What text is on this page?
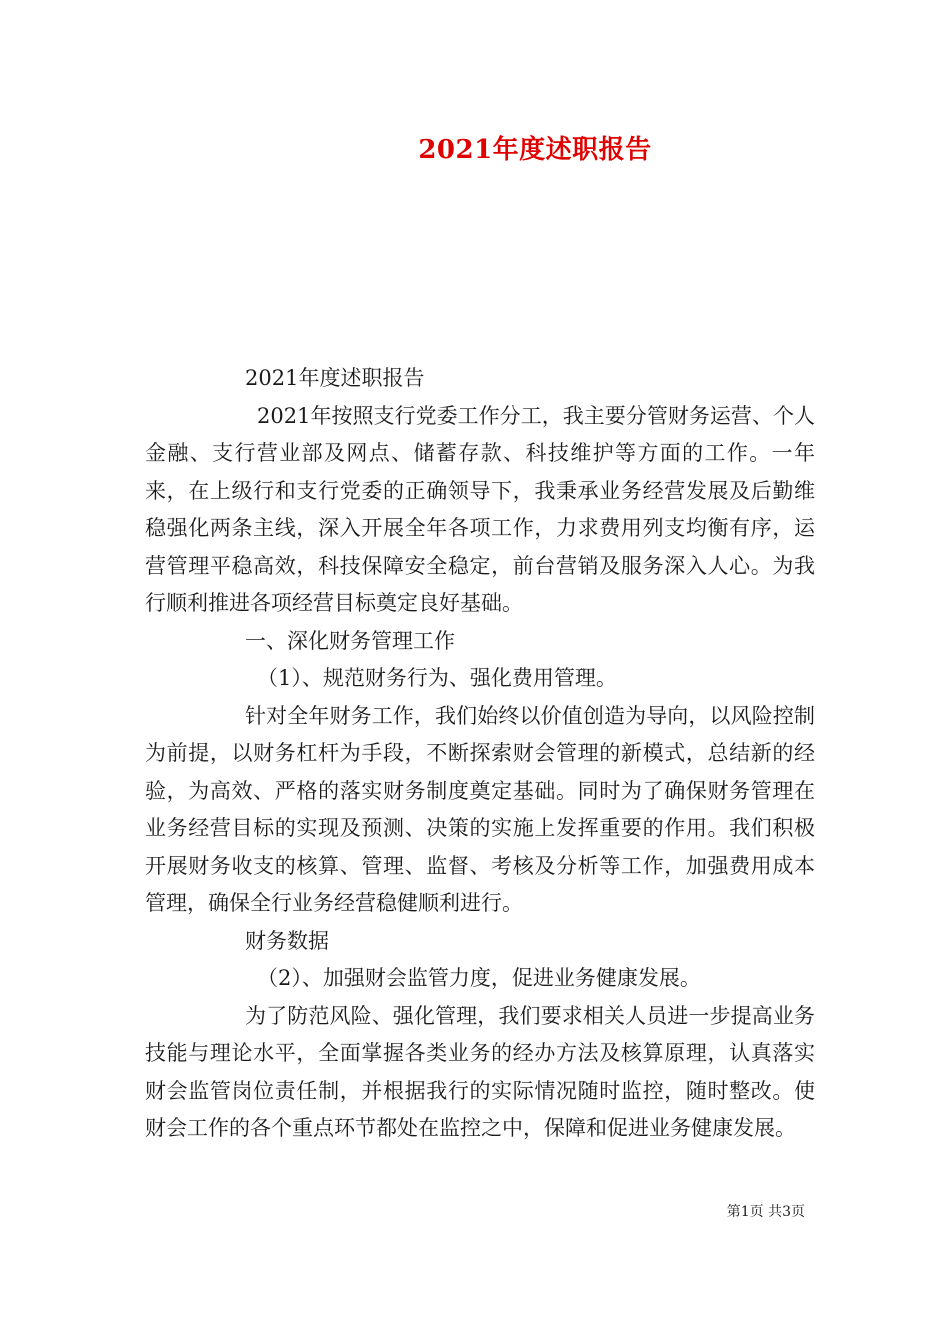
2021年度述职报告

2021年度述职报告

2021年按照支行党委工作分工，我主要分管财务运营、个人金融、支行营业部及网点、储蓄存款、科技维护等方面的工作。一年来，在上级行和支行党委的正确领导下，我秉承业务经营发展及后勤维稳强化两条主线，深入开展全年各项工作，力求费用列支均衡有序，运营管理平稳高效，科技保障安全稳定，前台营销及服务深入人心。为我行顺利推进各项经营目标奠定良好基础。

一、深化财务管理工作

（1）、规范财务行为、强化费用管理。

针对全年财务工作，我们始终以价值创造为导向，以风险控制为前提，以财务杠杆为手段，不断探索财会管理的新模式，总结新的经验，为高效、严格的落实财务制度奠定基础。同时为了确保财务管理在业务经营目标的实现及预测、决策的实施上发挥重要的作用。我们积极开展财务收支的核算、管理、监督、考核及分析等工作，加强费用成本管理，确保全行业务经营稳健顺利进行。

财务数据

（2）、加强财会监管力度，促进业务健康发展。

为了防范风险、强化管理，我们要求相关人员进一步提高业务技能与理论水平，全面掌握各类业务的经办方法及核算原理，认真落实财会监管岗位责任制，并根据我行的实际情况随时监控，随时整改。使财会工作的各个重点环节都处在监控之中，保障和促进业务健康发展。

第1页 共3页
